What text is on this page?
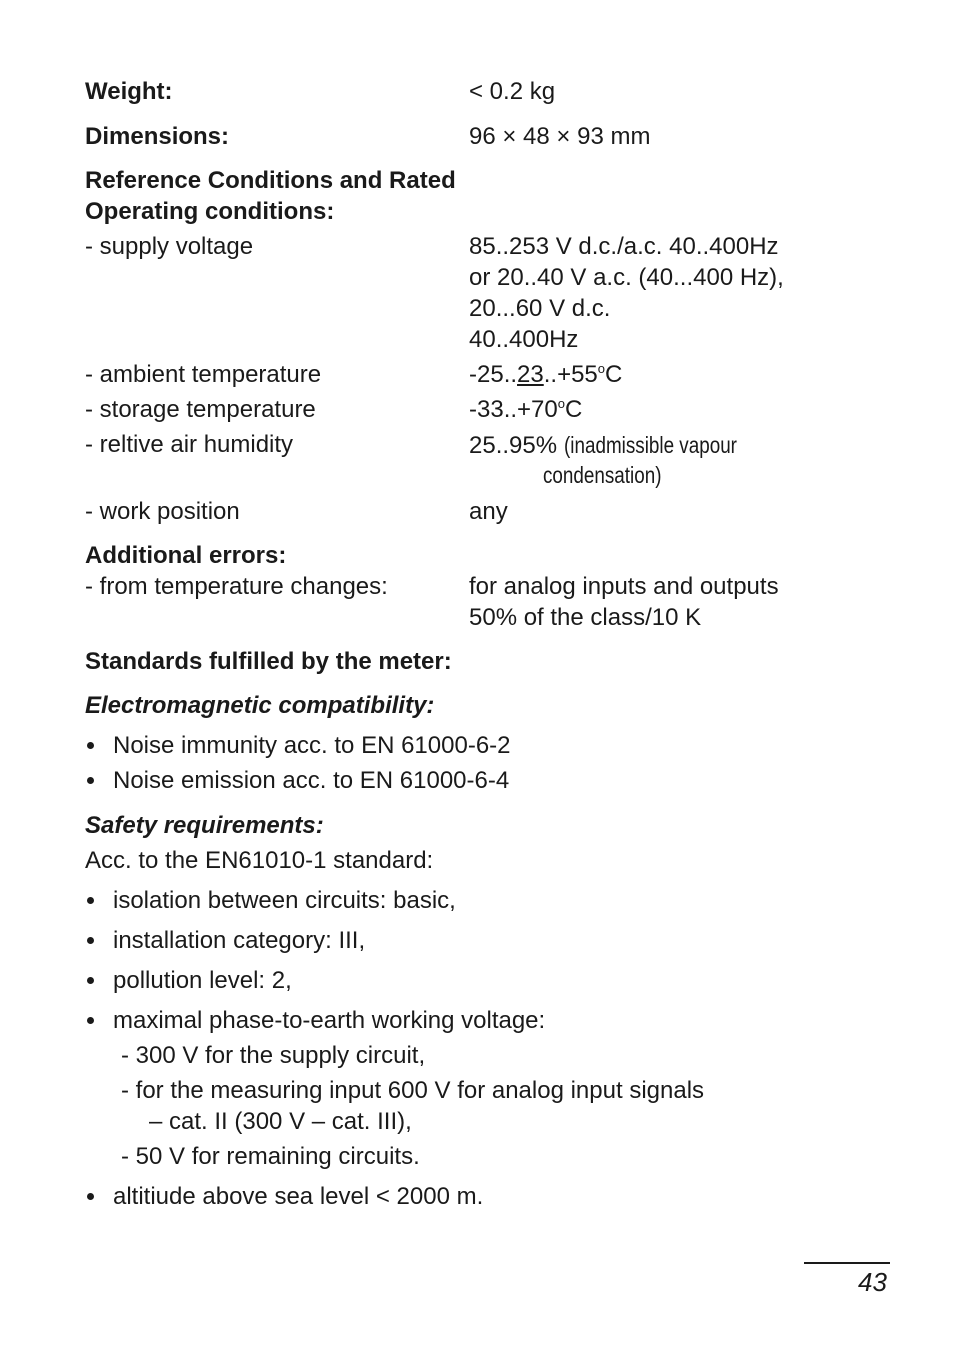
Weight:	< 0.2 kg
Dimensions:	96 × 48 × 93 mm
Reference Conditions and Rated
Operating conditions:
- supply voltage	85..253 V d.c./a.c. 40..400Hz
or 20..40 V a.c. (40...400 Hz),
20...60 V d.c.
40..400Hz
- ambient temperature	$-25..23..+55^oC$
- storage temperature	$-33..+70^oC$
- reltive air humidity	25..95% (inadmissible vapour
condensation)
- work position	any
Additional errors:
- from temperature changes:	for analog inputs and outputs
50% of the class/10 K
Standards fulfilled by the meter:
Electromagnetic compatibility:
Noise immunity acc. to EN 61000-6-2
Noise emission acc. to EN 61000-6-4
Safety requirements:
Acc. to the EN61010-1 standard:
isolation between circuits: basic,
installation category: III,
pollution level: 2,
maximal phase-to-earth working voltage:
- 300 V for the supply circuit,
- for the measuring input 600 V for analog input signals
– cat. II (300 V – cat. III),
- 50 V for remaining circuits.
altitiude above sea level < 2000 m.
43
